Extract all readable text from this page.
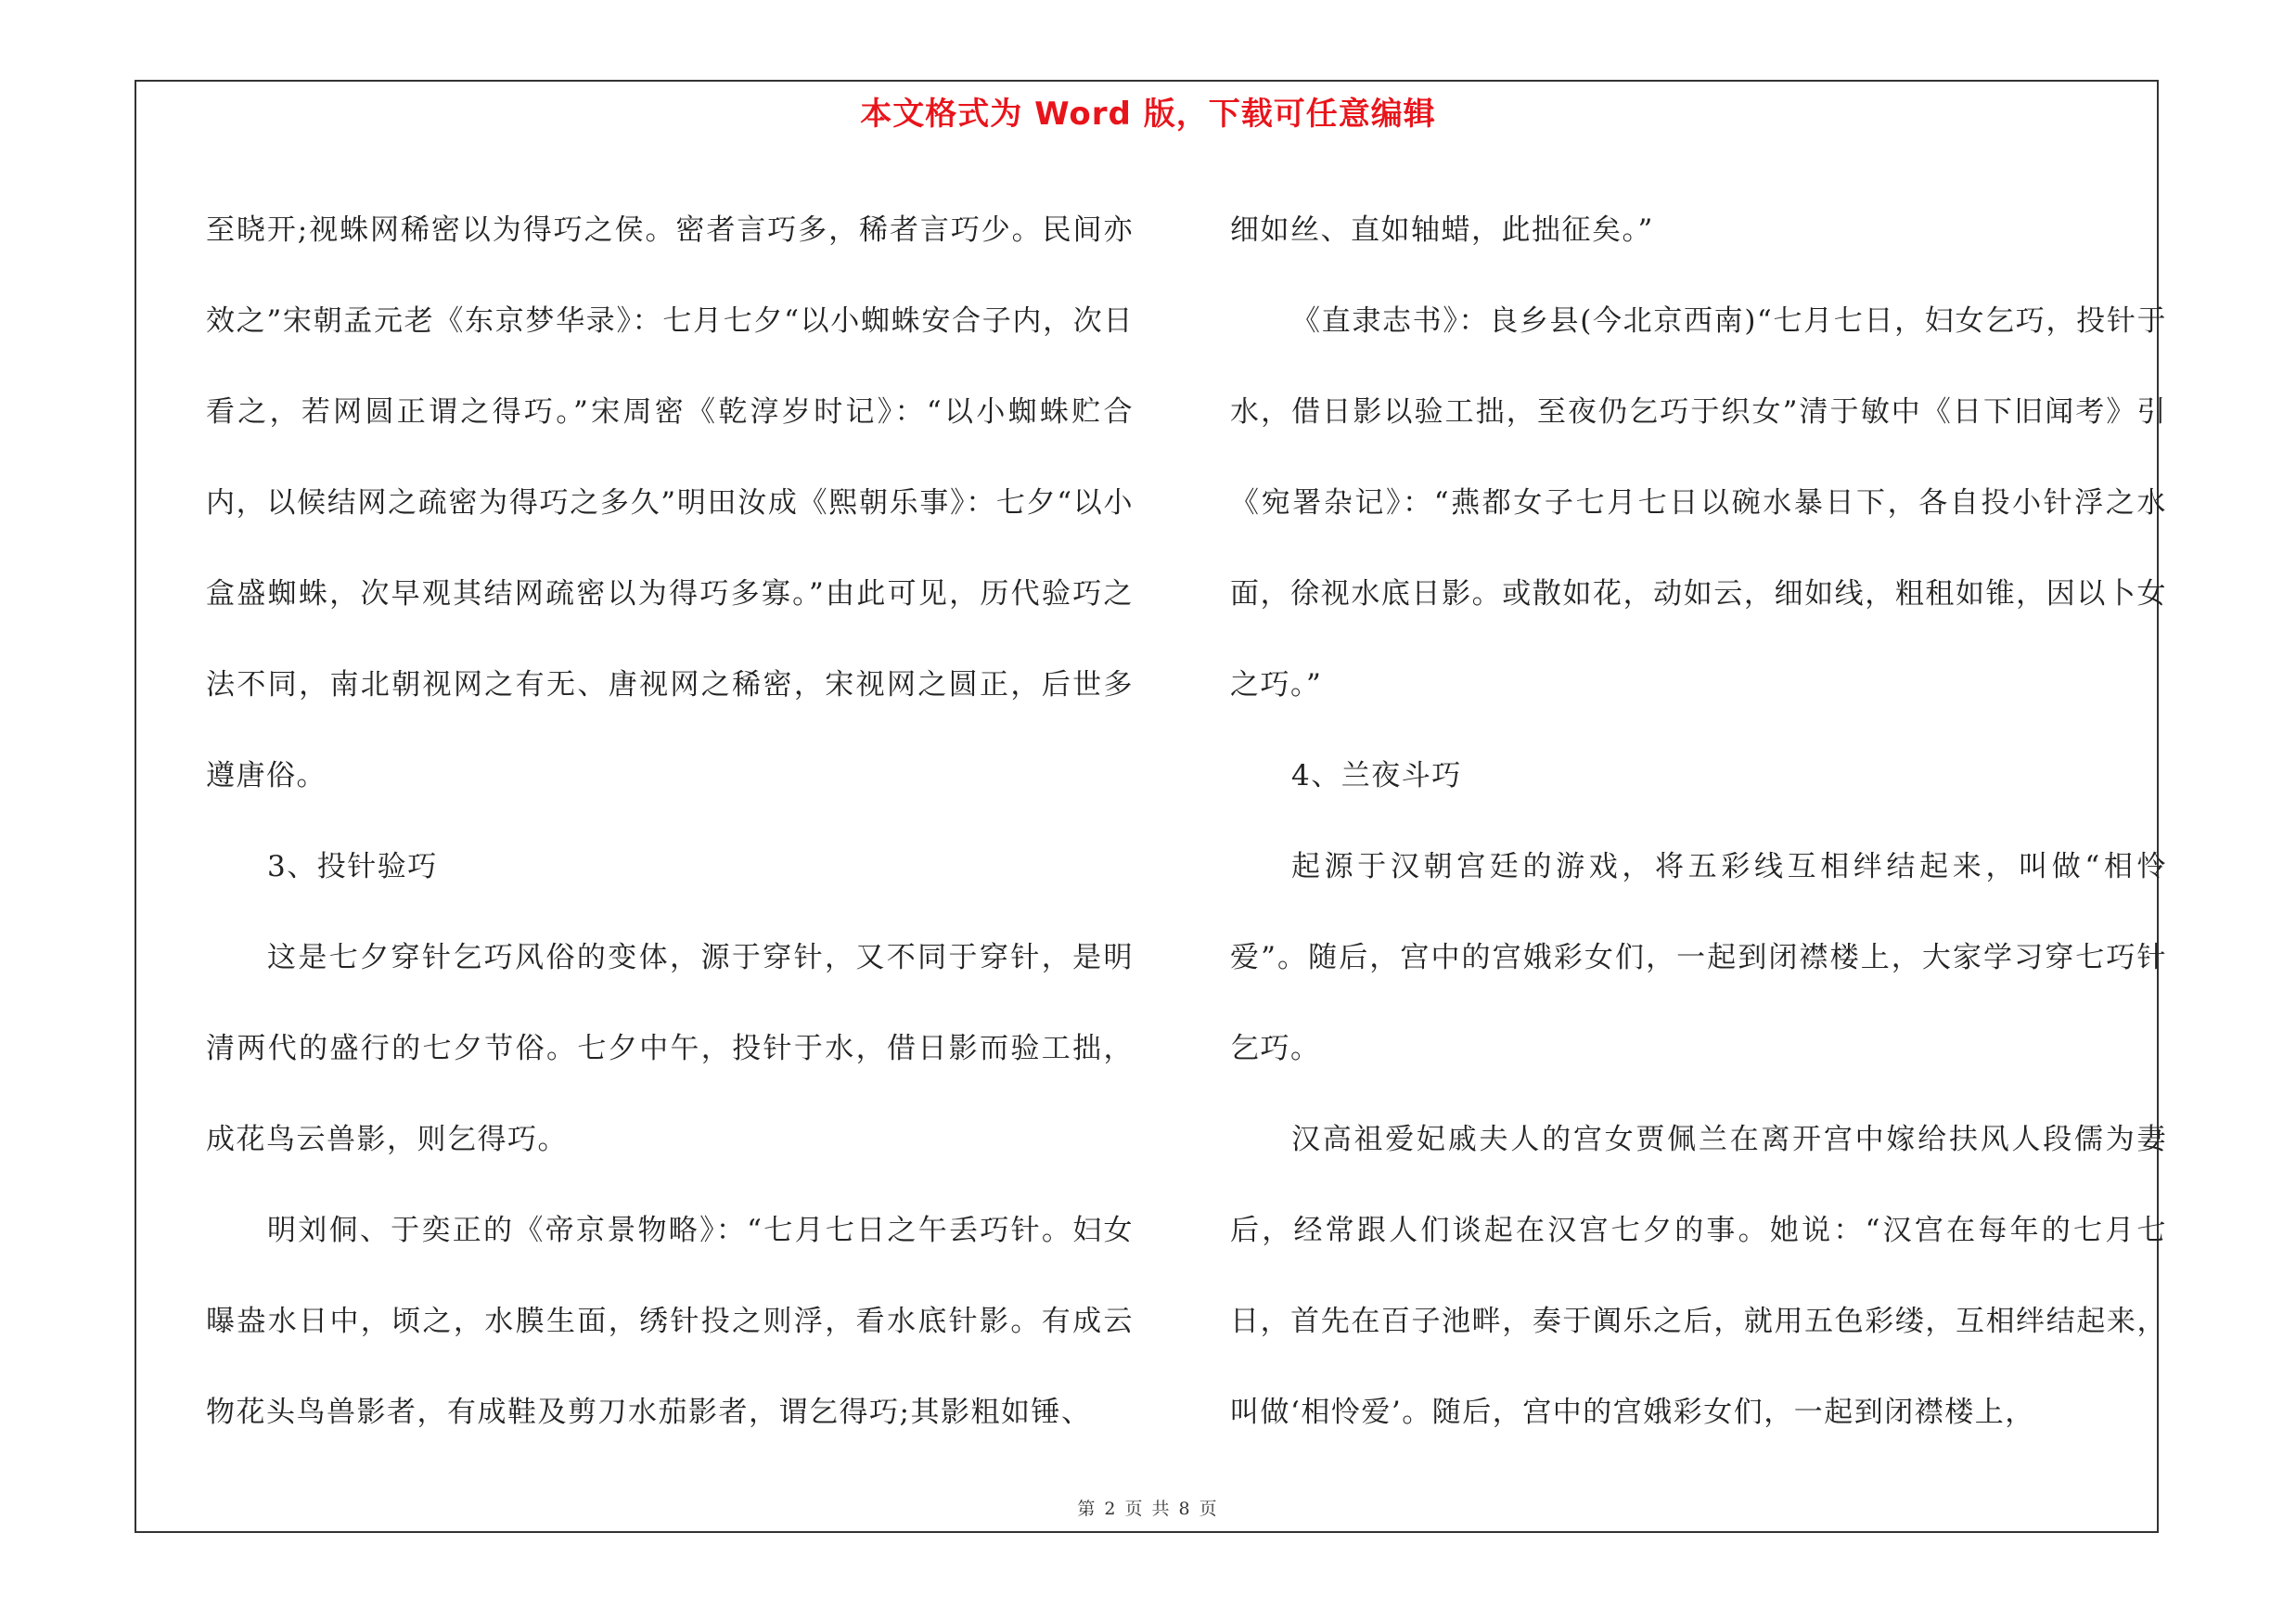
本文格式为 Word 版，下载可任意编辑

至晓开;视蛛网稀密以为得巧之侯。密者言巧多，稀者言巧少。民间亦效之”宋朝孟元老《东京梦华录》：七月七夕“以小蜘蛛安合子内，次日看之，若网圆正谓之得巧。”宋周密《乾淳岁时记》：“以小蜘蛛贮合内，以候结网之疏密为得巧之多久”明田汝成《熙朝乐事》：七夕“以小盒盛蜘蛛，次早观其结网疏密以为得巧多寡。”由此可见，历代验巧之法不同，南北朝视网之有无、唐视网之稀密，宋视网之圆正，后世多遵唐俗。

3、投针验巧

这是七夕穿针乞巧风俗的变体，源于穿针，又不同于穿针，是明清两代的盛行的七夕节俗。七夕中午，投针于水，借日影而验工拙，成花鸟云兽影，则乞得巧。

明刘侗、于奕正的《帝京景物略》：“七月七日之午丢巧针。妇女曝盎水日中，顷之，水膜生面，绣针投之则浮，看水底针影。有成云物花头鸟兽影者，有成鞋及剪刀水茄影者，谓乞得巧;其影粗如锤、

细如丝、直如轴蜡，此拙征矣。”

《直隶志书》：良乡县(今北京西南)“七月七日，妇女乞巧，投针于水，借日影以验工拙，至夜仍乞巧于织女”清于敏中《日下旧闻考》引《宛署杂记》：“燕都女子七月七日以碗水暴日下，各自投小针浮之水面，徐视水底日影。或散如花，动如云，细如线，粗租如锥，因以卜女之巧。”

4、兰夜斗巧

起源于汉朝宫廷的游戏，将五彩线互相绊结起来，叫做“相怜爱”。随后，宫中的宫娥彩女们，一起到闭襟楼上，大家学习穿七巧针乞巧。

汉高祖爱妃戚夫人的宫女贾佩兰在离开宫中嫁给扶风人段儒为妻后，经常跟人们谈起在汉宫七夕的事。她说：“汉宫在每年的七月七日，首先在百子池畔，奏于阗乐之后，就用五色彩缕，互相绊结起来，叫做‘相怜爱’。随后，宫中的宫娥彩女们，一起到闭襟楼上，

第 2 页 共 8 页
